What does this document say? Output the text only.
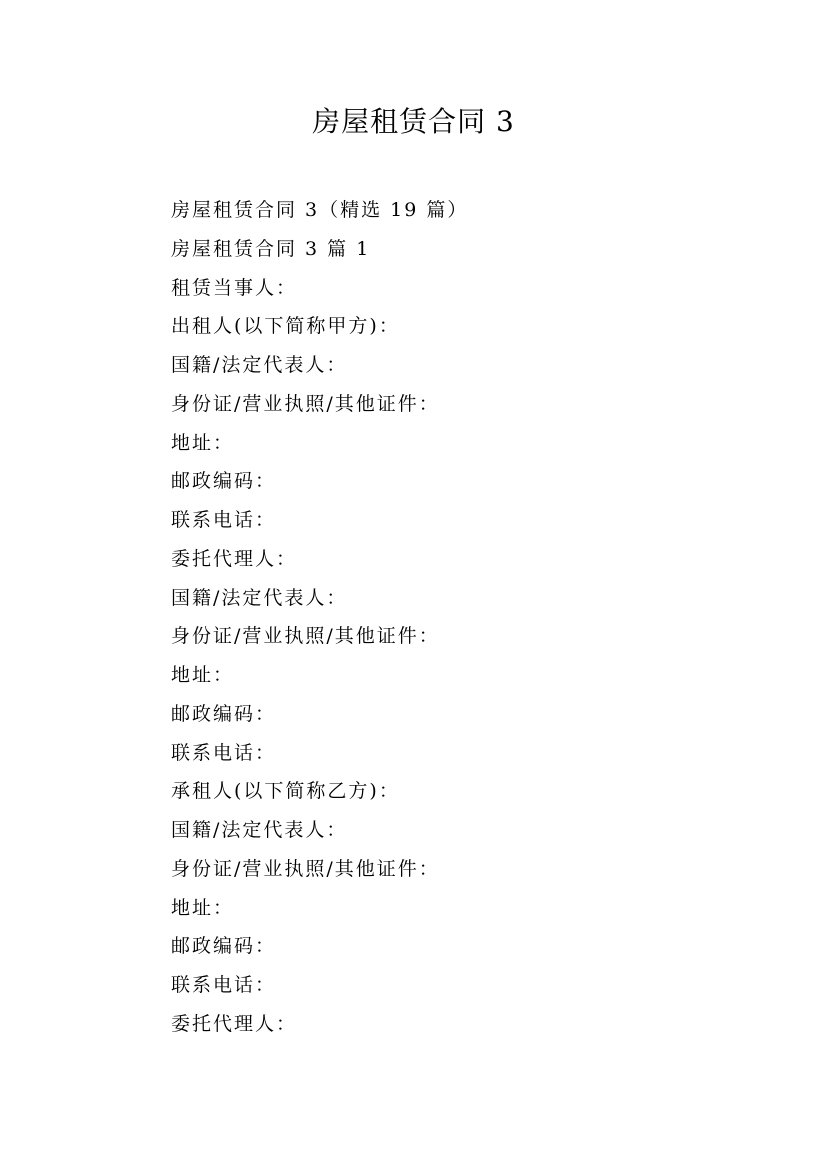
房屋租赁合同 3
房屋租赁合同 3（精选 19 篇）
房屋租赁合同 3 篇 1
租赁当事人：
出租人(以下简称甲方)：
国籍/法定代表人：
身份证/营业执照/其他证件：
地址：
邮政编码：
联系电话：
委托代理人：
国籍/法定代表人：
身份证/营业执照/其他证件：
地址：
邮政编码：
联系电话：
承租人(以下简称乙方)：
国籍/法定代表人：
身份证/营业执照/其他证件：
地址：
邮政编码：
联系电话：
委托代理人：
